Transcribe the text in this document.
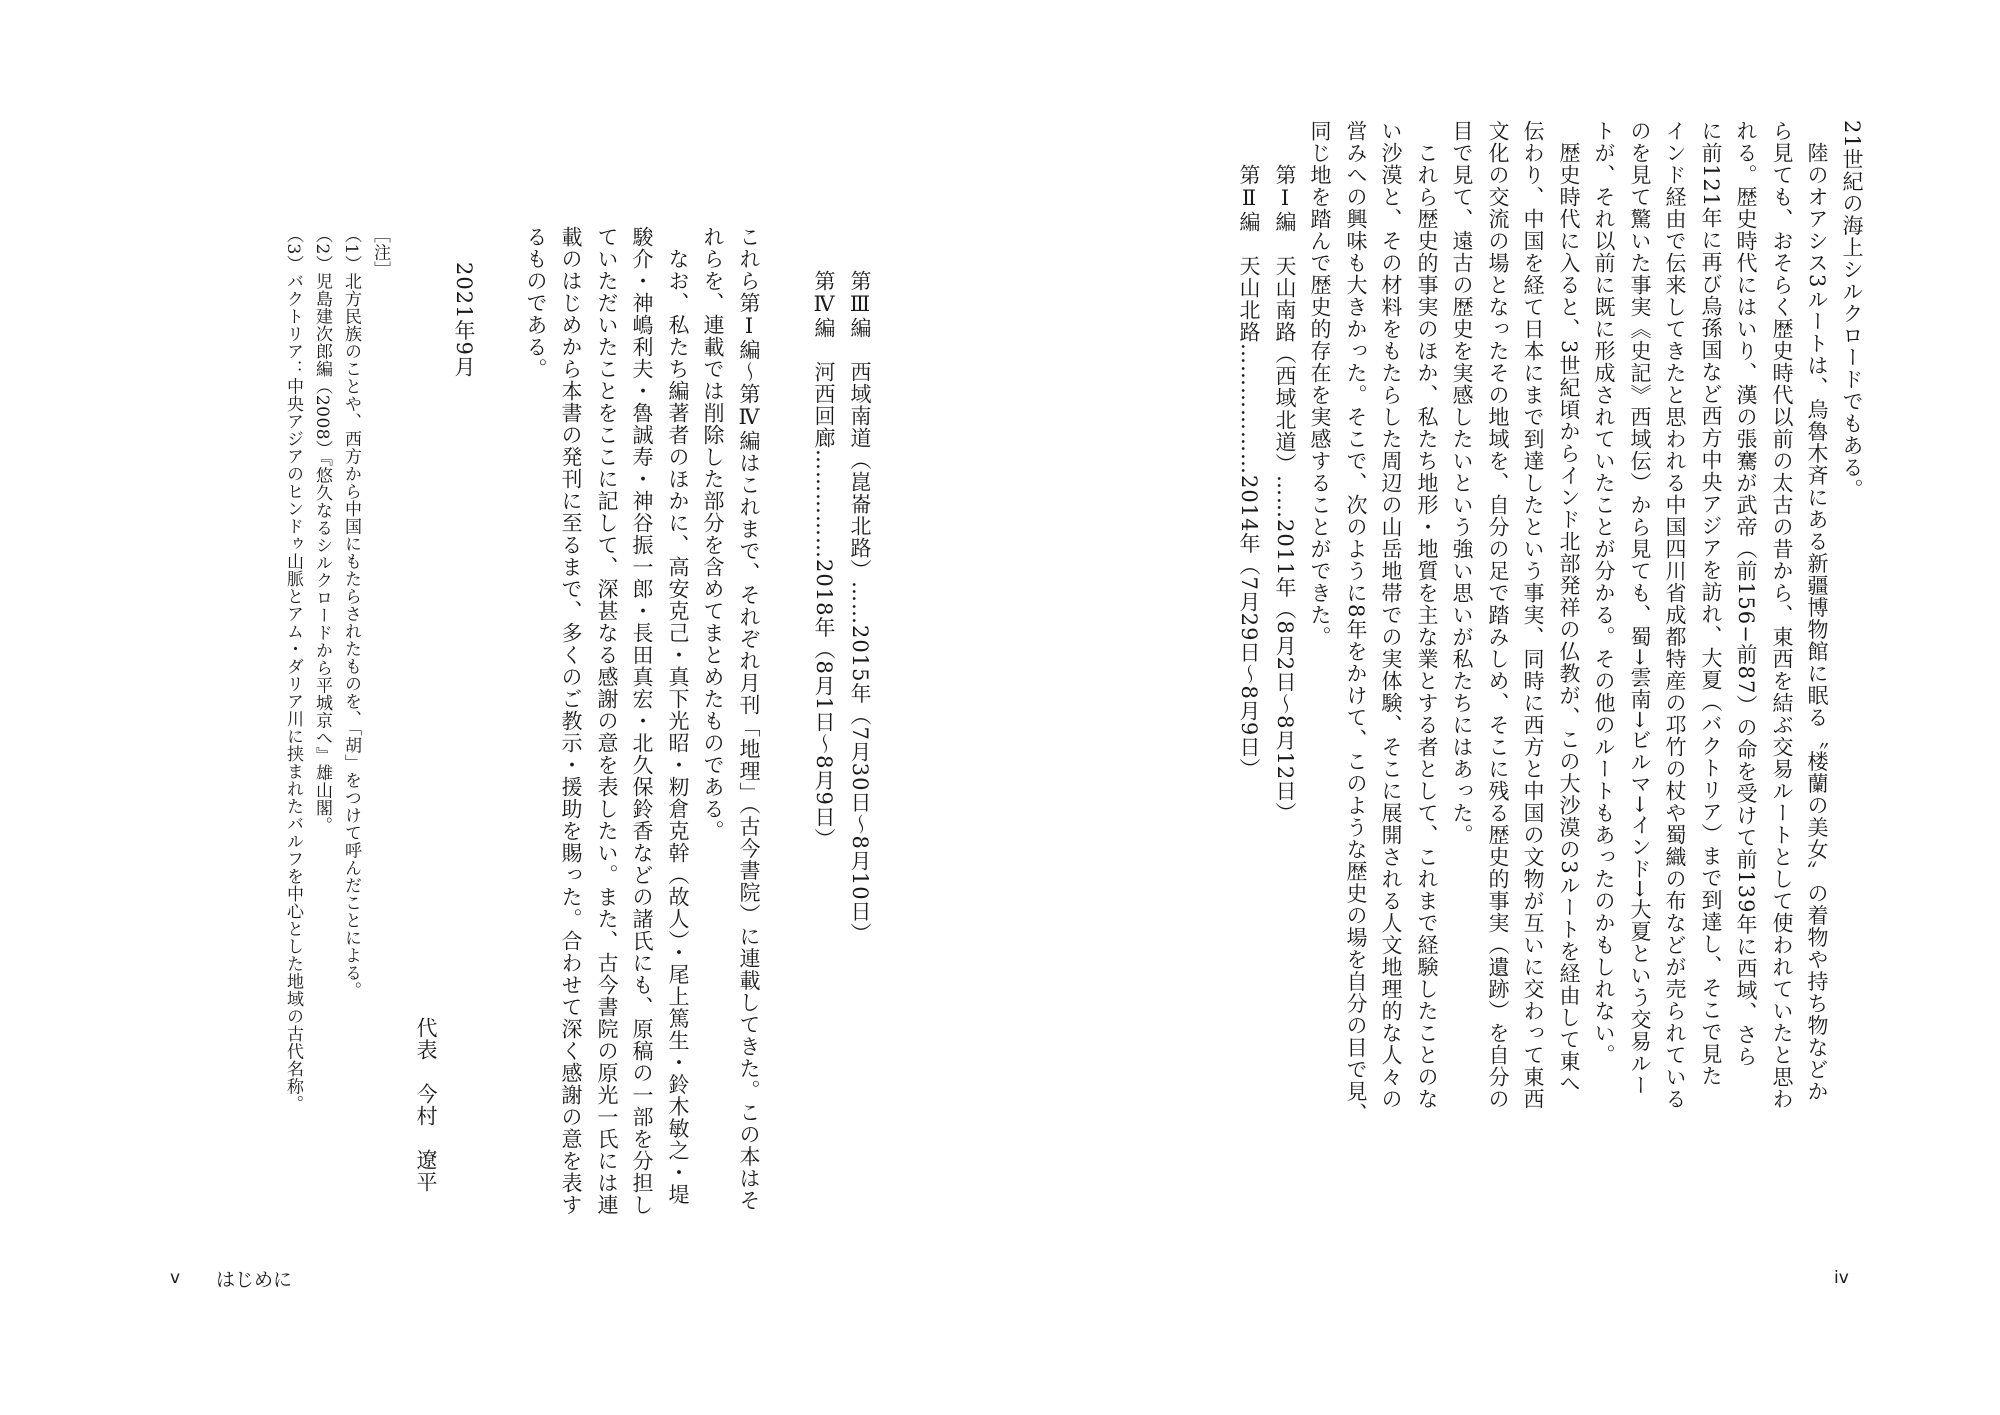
21世紀の海上シルクロードでもある。
　陸のオアシス3ルートは、烏魯木斉にある新疆博物館に眠る〝楼蘭の美女〟の着物や持ち物などか
ら見ても、おそらく歴史時代以前の太古の昔から、東西を結ぶ交易ルートとして使われていたと思わ
れる。歴史時代にはいり、漢の張騫が武帝（前156−前87）の命を受けて前139年に西域、さら
に前121年に再び烏孫国など西方中央アジアを訪れ、大夏（バクトリア）まで到達し、そこで見た
インド経由で伝来してきたと思われる中国四川省成都特産の邛竹の杖や蜀織の布などが売られている
のを見て驚いた事実《史記》西域伝）から見ても、蜀→雲南→ビルマ→インド→大夏という交易ルー
トが、それ以前に既に形成されていたことが分かる。その他のルートもあったのかもしれない。
　歴史時代に入ると、3世紀頃からインド北部発祥の仏教が、この大沙漠の3ルートを経由して東へ
伝わり、中国を経て日本にまで到達したという事実、同時に西方と中国の文物が互いに交わって東西
文化の交流の場となったその地域を、自分の足で踏みしめ、そこに残る歴史的事実（遺跡）を自分の
目で見て、遠古の歴史を実感したいという強い思いが私たちにはあった。
　これら歴史的事実のほか、私たち地形・地質を主な業とする者として、これまで経験したことのな
い沙漠と、その材料をもたらした周辺の山岳地帯での実体験、そこに展開される人文地理的な人々の
営みへの興味も大きかった。そこで、次のように8年をかけて、このような歴史の場を自分の目で見、
同じ地を踏んで歴史的存在を実感することができた。
　　第Ⅰ編　天山南路（西域北道）……2011年（8月2日〜8月12日）
　　第Ⅱ編　天山北路………………2014年（7月29日〜8月9日）
iv
　　第Ⅲ編　西域南道（崑崙北路）……2015年（7月30日〜8月10日）
　　第Ⅳ編　河西回廊……………2018年（8月1日〜8月9日）
これら第Ⅰ編〜第Ⅳ編はこれまで、それぞれ月刊「地理」（古今書院）に連載してきた。この本はそ
れらを、連載では削除した部分を含めてまとめたものである。
　なお、私たち編著者のほかに、高安克己・真下光昭・籾倉克幹（故人）・尾上篤生・鈴木敏之・堤
駿介・神嶋利夫・魯誠寿・神谷振一郎・長田真宏・北久保鈴香などの諸氏にも、原稿の一部を分担し
ていただいたことをここに記して、深甚なる感謝の意を表したい。また、古今書院の原光一氏には連
載のはじめから本書の発刊に至るまで、多くのご教示・援助を賜った。合わせて深く感謝の意を表す
るものである。
2021年9月
代表　今村　遼平
［注］
（1）北方民族のことや、西方から中国にもたらされたものを、「胡」をつけて呼んだことによる。
（2）児島建次郎編（2008）『悠久なるシルクロードから平城京へ』雄山閣。
（3）バクトリア：中央アジアのヒンドゥ山脈とアム・ダリア川に挟まれたバルフを中心とした地域の古代名称。
v はじめに
